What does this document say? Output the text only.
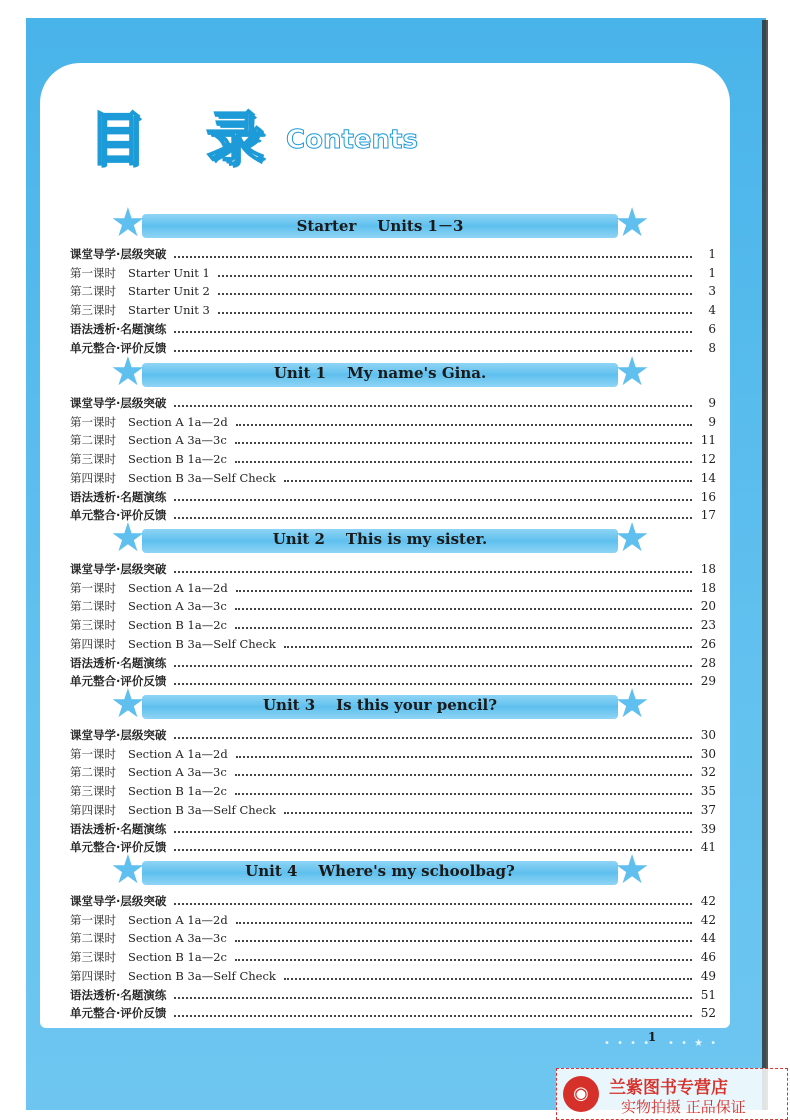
目 录 Contents
★	★
Starter    Units 1－3
课堂导学·层级突破	1
第一课时 Starter Unit 1	1
第二课时 Starter Unit 2	3
第三课时 Starter Unit 3	4
语法透析·名题演练	6
单元整合·评价反馈	8
★	★
Unit 1    My name's Gina.
课堂导学·层级突破	9
第一课时 Section A 1a—2d	9
第二课时 Section A 3a—3c	11
第三课时 Section B 1a—2c	12
第四课时 Section B 3a—Self Check	14
语法透析·名题演练	16
单元整合·评价反馈	17
★	★
Unit 2    This is my sister.
课堂导学·层级突破	18
第一课时 Section A 1a—2d	18
第二课时 Section A 3a—3c	20
第三课时 Section B 1a—2c	23
第四课时 Section B 3a—Self Check	26
语法透析·名题演练	28
单元整合·评价反馈	29
★	★
Unit 3    Is this your pencil?
课堂导学·层级突破	30
第一课时 Section A 1a—2d	30
第二课时 Section A 3a—3c	32
第三课时 Section B 1a—2c	35
第四课时 Section B 3a—Self Check	37
语法透析·名题演练	39
单元整合·评价反馈	41
★	★
Unit 4    Where's my schoolbag?
课堂导学·层级突破	42
第一课时 Section A 1a—2d	42
第二课时 Section A 3a—3c	44
第三课时 Section B 1a—2c	46
第四课时 Section B 3a—Self Check	49
语法透析·名题演练	51
单元整合·评价反馈	52
• • • •
1	• • ★ •
◉	兰紫图书专营店
实物拍摄 正品保证
